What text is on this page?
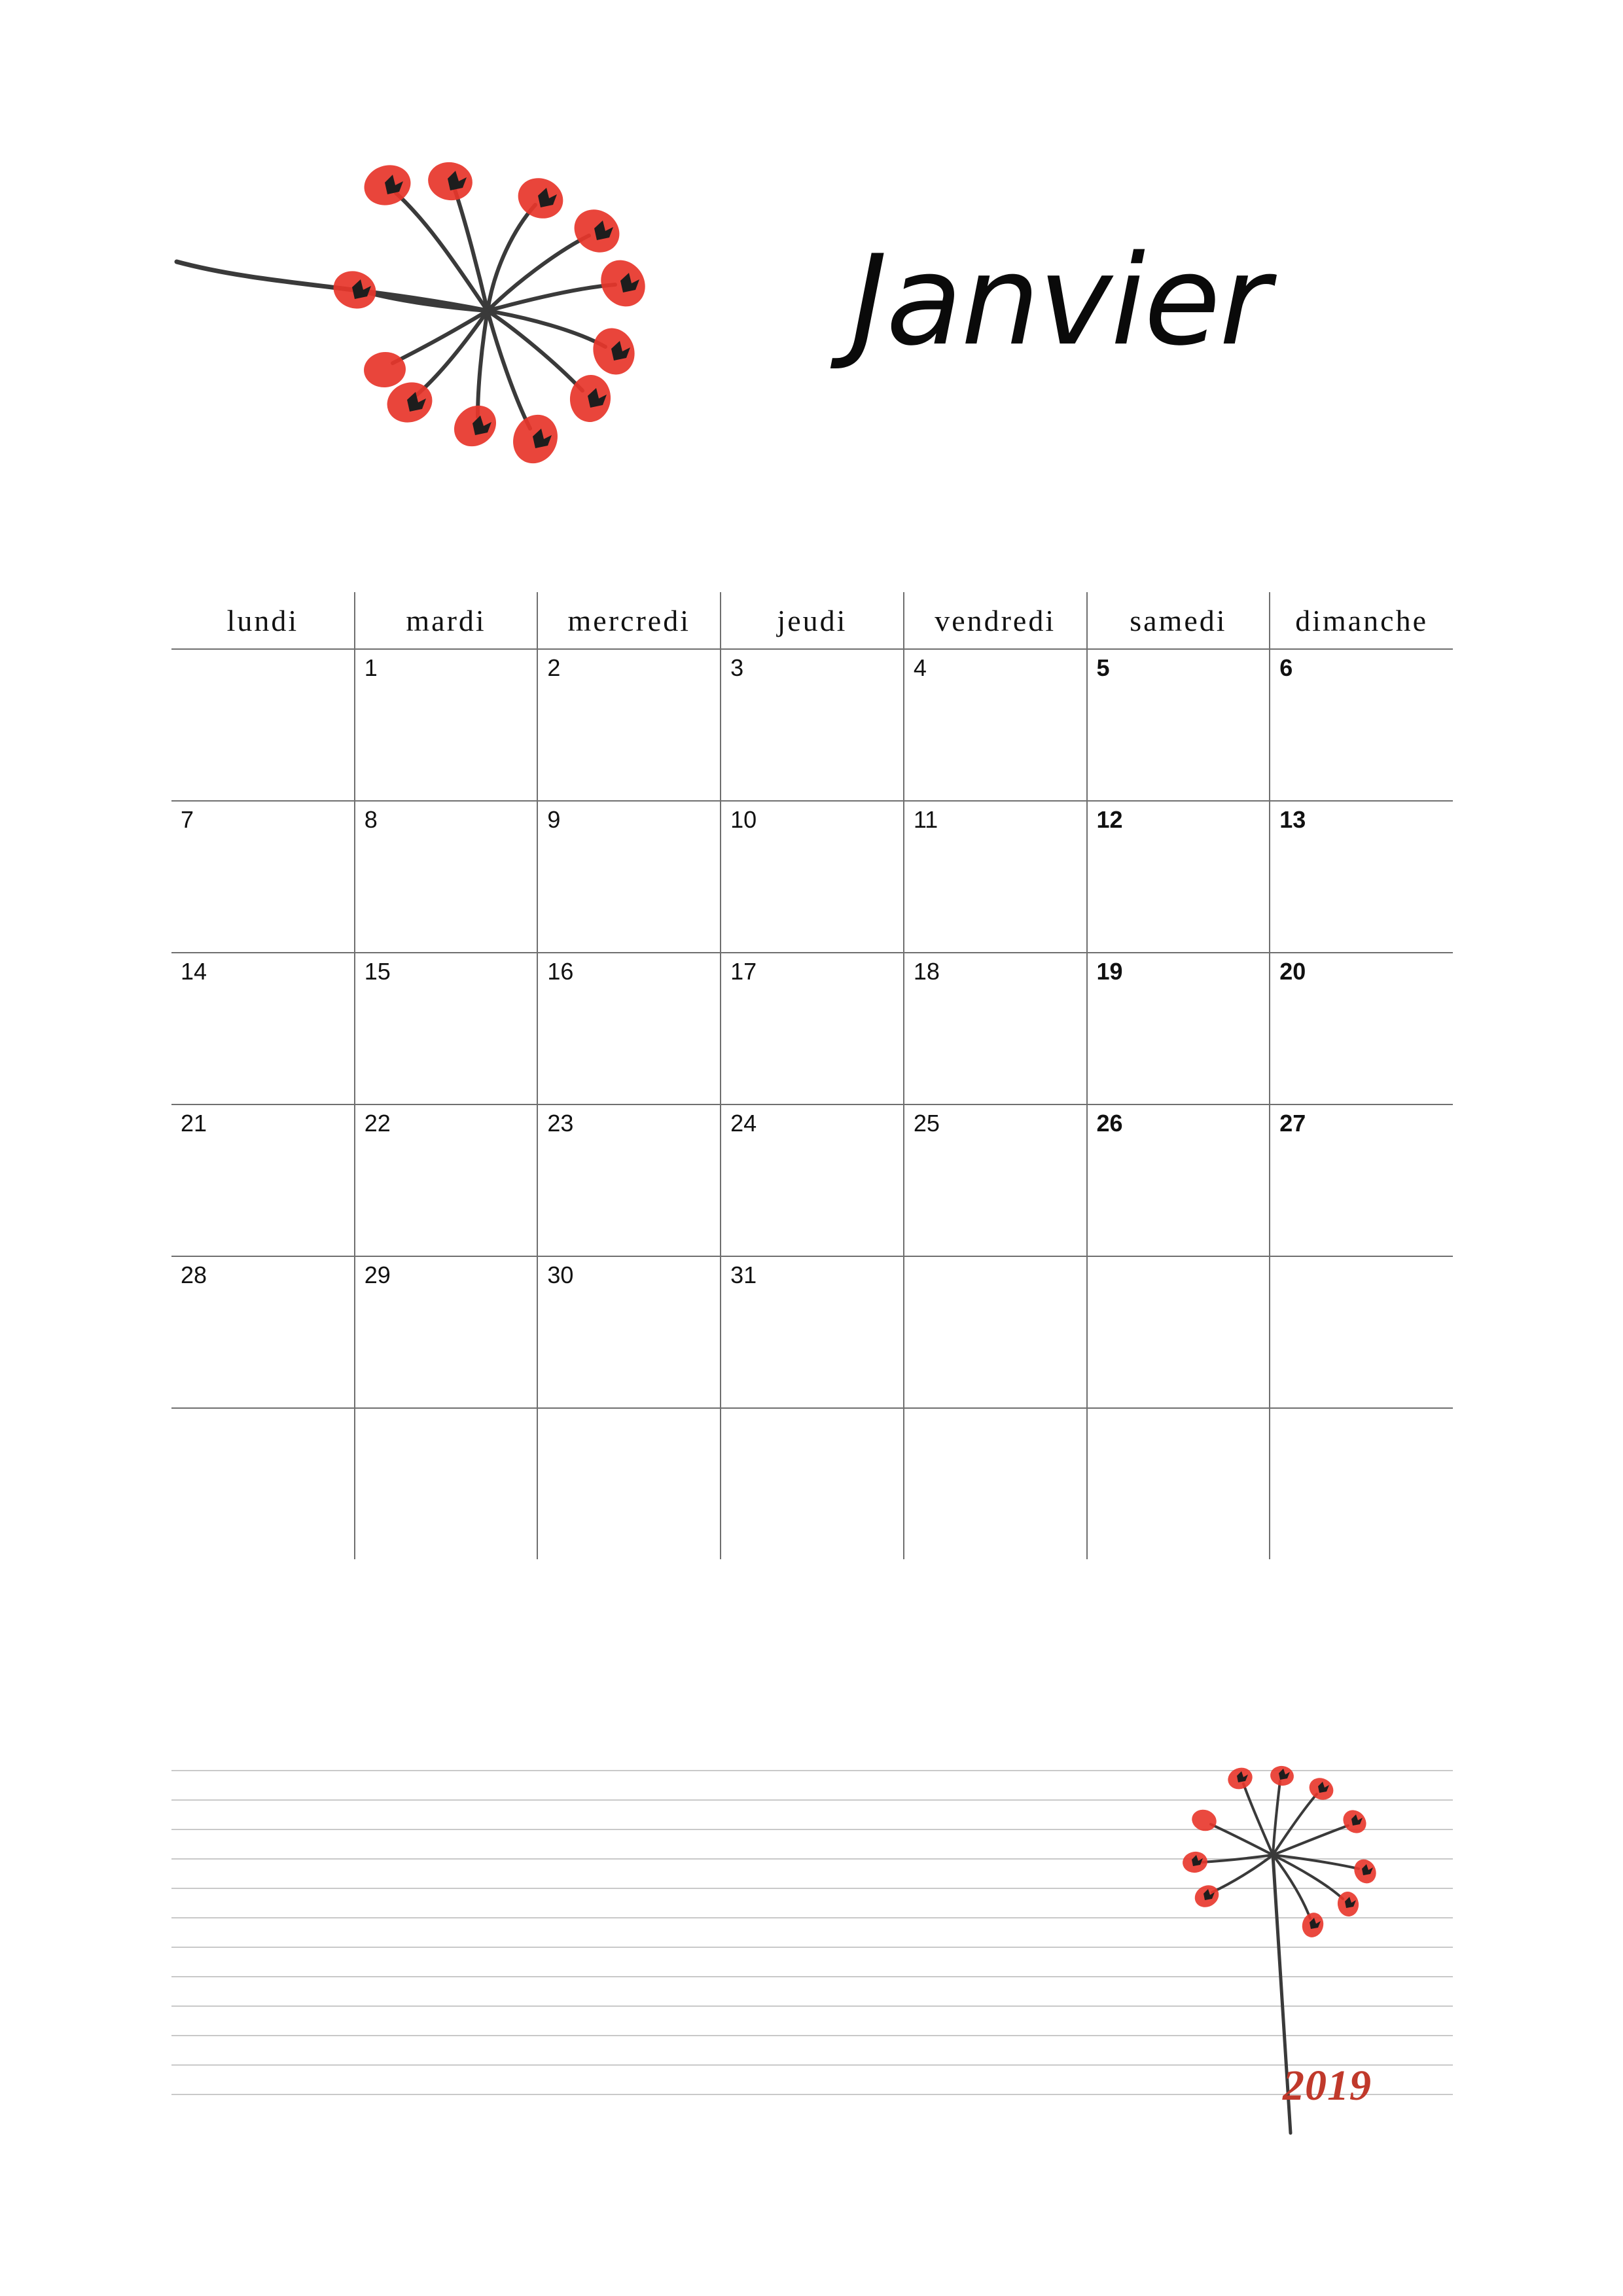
Janvier
lundi	mardi	mercredi	jeudi	vendredi	samedi	dimanche

	1	2	3	4	5	6

7	8	9	10	11	12	13

14	15	16	17	18	19	20

21	22	23	24	25	26	27

28	29	30	31			

2019
